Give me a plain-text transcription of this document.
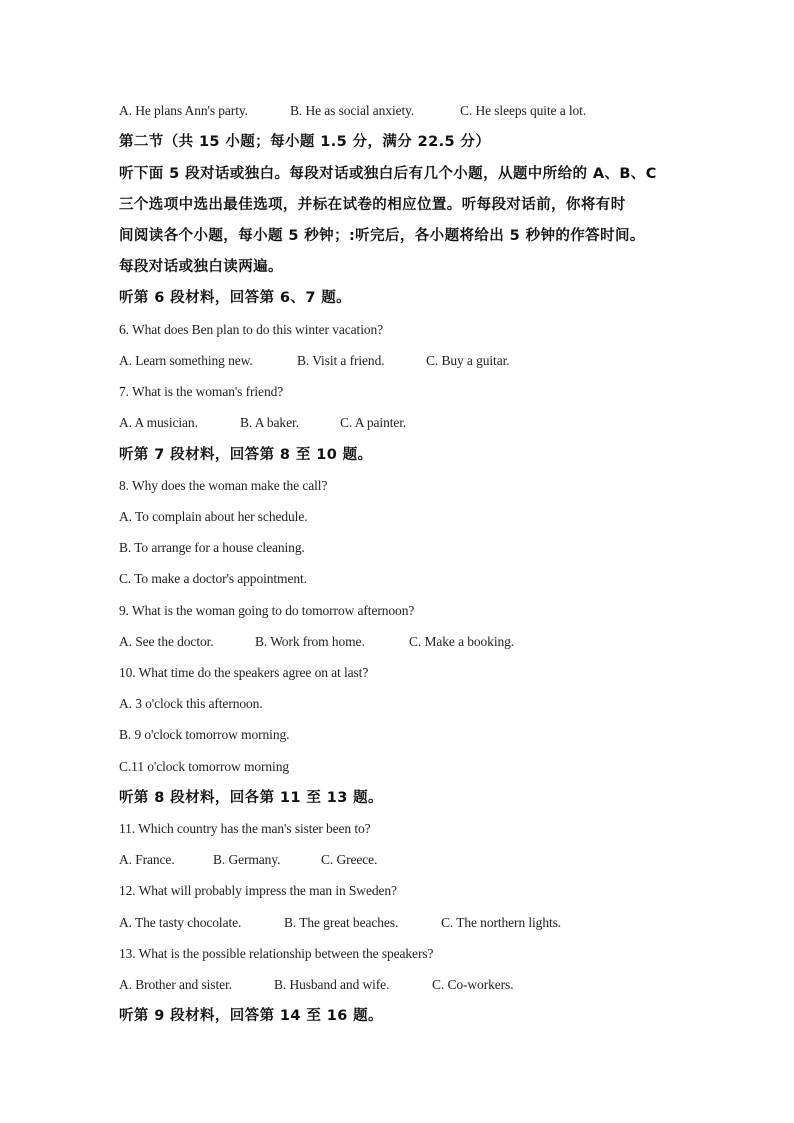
A. He plans Ann's party.	B. He as social anxiety.	C. He sleeps quite a lot.
第二节（共 15 小题；每小题 1.5 分，满分 22.5 分）
听下面 5 段对话或独白。每段对话或独白后有几个小题，从题中所给的 A、B、C
三个选项中选出最佳选项，并标在试卷的相应位置。听每段对话前，你将有时
间阅读各个小题，每小题 5 秒钟；:听完后，各小题将给出 5 秒钟的作答时间。
每段对话或独白读两遍。
听第 6 段材料，回答第 6、7 题。
6. What does Ben plan to do this winter vacation?
A. Learn something new.	B. Visit a friend.	C. Buy a guitar.
7. What is the woman's friend?
A. A musician.	B. A baker.	C. A painter.
听第 7 段材料，回答第 8 至 10 题。
8. Why does the woman make the call?
A. To complain about her schedule.
B. To arrange for a house cleaning.
C. To make a doctor's appointment.
9. What is the woman going to do tomorrow afternoon?
A. See the doctor.	B. Work from home.	C. Make a booking.
10. What time do the speakers agree on at last?
A. 3 o'clock this afternoon.
B. 9 o'clock tomorrow morning.
C.11 o'clock tomorrow morning
听第 8 段材料，回各第 11 至 13 题。
11. Which country has the man's sister been to?
A. France.	B. Germany.	C. Greece.
12. What will probably impress the man in Sweden?
A. The tasty chocolate.	B. The great beaches.	C. The northern lights.
13. What is the possible relationship between the speakers?
A. Brother and sister.	B. Husband and wife.	C. Co-workers.
听第 9 段材料，回答第 14 至 16 题。
